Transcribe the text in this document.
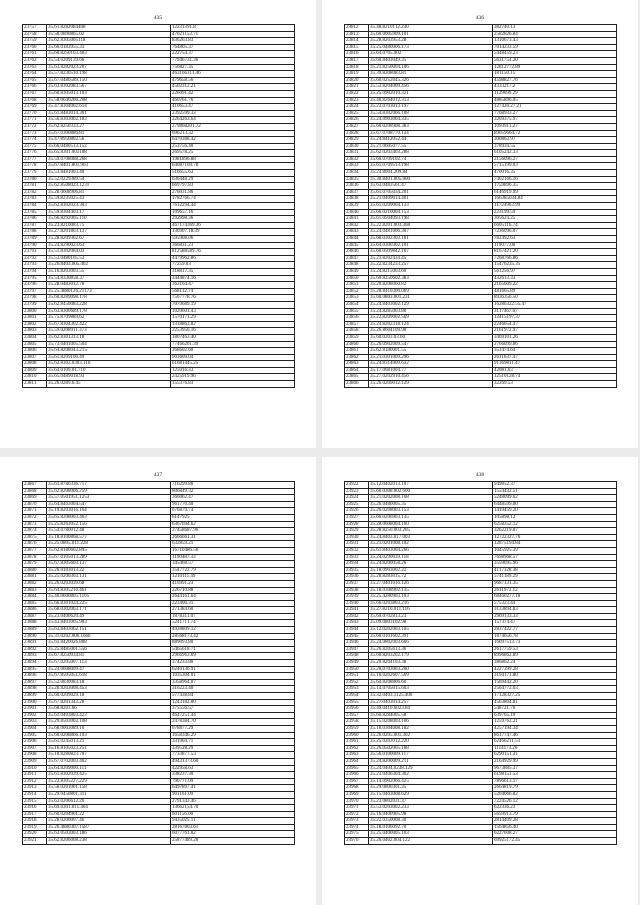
435
23757	35.61.8282084408	12231391.8
23758	35.58.0890865.02	47021153.71
23759	35.62.8305005118	836263.83
23760	35.66.0183955.33	764805.37
23761	35.60.8250103.403	222754.37
23762	35.54.0209139.66	77946731.36
23763	35.63.8282023.207	756827.35
23764	35.57.8230510.198	463166311.46
23765	35.67.0480589.150	479658.56
23766	35.63.8302083.567	4502312.21
23767	35.60.8305013.103	226091.42
23768	35.58.0640200.208	460761.76
23769	35.47.8304002.614	410653.47
23770	35.61.8483014.301	2392599.33
23771	35.56.8303002.183	2264263.64
23772	35.62.8250333.27	279868201.72
23773	35.67.0300886.81	696213.32
23774	35.47.8950802.56	6470388.42
23775	35.66.0480513.152	253756.40
23776	35.65.8301.003108	269578.25
23777	35.59.0708088.268	1981896.88
23778	35.67.8401.801.903	64087169.78
23779	35.53.8481003.40	516655.63
23780	35.52.0229389.54	636448.29
23781	35.62.8508023.1231	669797.83
23782	35.28.0608906.81	276031.86
23783	35.59.8235025.43	1782766.74
23784	35.62.8302023.303	7612294.44
23785	35.59.8304403.17	109657.16
23786	35.66.8292005.110	292998.36
23787	35.23.8210083.75	467174369.36
23788	35.27.8201803.137	136907.18.39
23789	35.28.8209302.67	595908.06
23790	35.24.8290023.63	366831.23
23791	35.51.8302084.03	812588589.76
23792	35.53.0480105.53	4479962.86
23793	35.26.8403.005.402	77259.03
23794	35.16.8203003.55	318817.35
23795	35.54.8330858.37	3444874.16
23796	35.28.0483012.78	363164.47
23797	35.25.4880126.21173	568112.74
23798	35.60.8289098.178	7567778.76
23799	35.62.8450083.228	7079689.19
23800	35.63.8300689.178	1020601.43
23801	35.75.8709889.62	1570171.29
23802	35.67.8304302.422	1318863.82
23803	35.59.0208911.373	2253956.16
23804	35.62.8301313.18	1807463.40
23805	35.73.0401005.504	77466201.39
23806	35.64.8208043.215	368602.60
23807	35.61.8209100.49	903609.04
23808	35.62.8302.0303.110	61681445.25
23809	35.64.0109.01.710	125016.33
23810	35.65.0489018.93	2425919.96
23811	35.26.0289.6.45	155376.83
436
23812	35.48.8210112.230	382740.13
23813	35.60.0005909.101	2582826.84
23814	35.28.8203953.28	1310673.43
23815	35.25.0480006.173	7014233.59
23816	35.64.0705.002	5448459.23
23817	35.60.8403049.35	5631754.20
23818	35.21.8250004.106	12812772.89
23819	35.39.8308083.81	181150.15
23820	35.60.0252045.326	4598827.76
23821	35.53.8204009.456	4333217.2
23822	35.25.0902010.321	1129699.29
23823	35.46.8264012.313	4885896.05
23824	35.23.0703013.197	127420.27.21
23825	35.54.8302066.108	7768933.27
23826	35.24.0903004.335	3269375.97
23827	35.60.0208908.383	1093911.27
23828	35.67.0708770.134	89059664.72
23829	35.24.8412052.44	300863.97
23830	35.21.0605077.55	378934.55
23831	35.62.0203403.288	6105242.33
23832	35.60.0709102.74	2156096.27
23833	35.61.0709513.198	5715199.03
23834	35.24.8004.209.84	470016.35
23835	35.30.8401.005.800	7462166.16
23836	35.63.0483561.47	1759896.35
23837	35.61.0705034.201	6146919.99
23838	35.21.0409014.401	166385034.84
23839	35.61.0209004.133	11724963.99
23840	35.66.0210004.153	223199.59
23841	35.61.0504093.198	305624.25
23842	35.22.8201.003.368	6605116.74
23843	35.24.0481006.307	7236096.07
23844	35.68.0302303.181	782492.63
23845	35.64.0300302.101	119077.08
23846	35.60.0509842.167	8167421.20
23847	35.23.8202434.45	7268766.86
23848	35.22.8234233.257	15476235.35
23849	35.24.8215003.60	561256.97
23850	35.60.8250602.383	432613.33
23851	35.20.8208060.82	2165609.22
23852	35.28.8410300.069	481665.89
23853	35.60.0803.001.231	8936356.50
23854	35.24.8403002.129	16286322.55.47
23855	35.24.8285003.80	3117467.67
23856	35.22.8209002.569	12415197.37
23857	35.24.8202318.124	2246654.47
23858	35.26.8604109.98	2161972.97
23859	35.60.0203.03.60	3469101.26
23860	35.26.0902009.547	2766099.86
23861	35.62.8180001.55	353474.64
23862	35.21.0301009.296	2611637.47
23863	35.24.8314009.632	91369811.47
23864	35.17.0681004.77	42081.63
23865	35.27.0202910.456	12510128.74
23866	35.26.0209012.129	32269.53
437
23867	35.61.8780336.717	716299.80
23868	35.62.8208006.259	806849.32
23869	35.57.0501951.1253	366062.47
23870	35.64.8403004.547	961770.40
23871	35.19.8203016.164	676879.74
23872	35.65.8208003.463	6147925
23873	35.25.8263052.156	6367694.62
23874	35.54.0780012.48	37458687.96
23875	35.18.8100868.577	2666661.31
23876	35.25.0805.011.228	632859.21
23877	35.62.8180602.895	16710486.56
23878	35.67.0105013.289	1190487.33
23879	35.67.8305603.137	345468.57
23880	35.26.0183013.22	3547722.79
23881	35.25.0200303.131	1210111.49
23882	35.26.0203039.68	416991.23
23883	35.64.8305210.461	226710.88
23884	35.46.0600805.1105	2644161.64
23885	35.66.8301024.225	223400.31
23886	35.68.0302063.171	271384.60
23887	35.23.0400620.49	1878311.07
23888	35.43.8403005.903	5241711.74
23889	35.63.8403062.151	4928809.12
23890	35.31.0202.006.1666	28568173.42
23891	35.61.8420026.808	889093.80
23892	35.25.8485001.556	5465618.71
23893	35.67.8250934.81	2966963.69
23894	35.67.0205007.113	374233.80
23895	35.24.0608009.47	6240136.91
23896	35.67.8505051.618	1035304.01
23897	35.52.0830083.18	3358964.07
23898	35.28.8203008.453	316223.40
23899	35.60.0209029.18	577438.84
23900	35.67.8201343.28	1243182.80
23901	35.68.8203.66	375556.57
23902	35.61.0403803.423	4647251.44
23903	35.29.8503003.108	2478384.70
23904	35.68.0003089.10	678877.29
23905	35.60.0208866.103	1658346.29
23906	35.61.0245013.21	331904.71
23907	35.16.8105023.251	339528.29
23908	35.18.8280823.707	7733877.53
23909	35.67.0702003.402	49431373.60
23910	35.64.8209000.111	422958.63
23911	35.61.8302039.425	338237.30
23912	35.22.8305227.229	790771.09
23913	35.58.0201001.158	6497897.41
23914	35.29.0450801.311	901161.09
23915	35.63.0206612.26	2791343.46
23916	35.69.0301.011.404	13662154.70
23917	35.60.0204901.22	601156.00
23918	35.28.0200007.46	9435025.11
23919	35.26.4880307.1587	28167803.61
23920	35.63.0503003.186	6077761.82
23921	35.62.8206008.238	25877489.28
438
23922	35.12.0402013.107	949852.37
23923	35.60.0308.002.600	1554432.51
23924	35.21.0202008.168	5248099.62
23925	35.26.0480005.35	6448599.00
23926	35.26.0208003.153	1419459.20
23927	35.60.0206903.135	105898.12
23928	35.28.0608004.160	6258352.12
23929	35.28.8250.003.205	3262219.87
23930	35.24.8403.017.003	12722327.76
23931	35.21.0201008.102	12875194.84
23932	35.61.8403004.266	1045925.39
23933	35.24.0290039.118	7698968.57
23934	35.24.8200058.26	3559695.96
23935	35.18.0903002.22	4117328.38
23936	35.28.8283015.72	5741189.29
23937	35.27.0401016.126	9687131.35
23938	35.18.0308902.135	2611972.12
23939	35.25.4280903.103	68460277.18
23940	35.66.0203803.216	575323.44
23941	35.27.8210.011.116	3133894.83
23942	35.60.0702813.23	2969133.33
23943	35.09.0803102.98	157374.47
23944	35.12.0202003.105	2837422.77
23945	35.60.0101602.391	1874656.78
23946	35.24.0802003.666	16097513.73
23947	35.26.8205613.36	2617759.53
23948	35.60.8203202.179	8996862.89
23949	35.20.8204103.38	386862.24
23950	35.20.0703003.200	4227399.28
23951	35.16.0202607.569	3194171.80
23952	35.64.8208806.60	1569442.20
23953	35.14.0705015.603	2564772.03
23954	35.32.0403.1125.400	17128327.25
23955	35.27.0403014.257	4563804.81
23956	35.49.0410.6023.84	548721.76
23957	35.60.8284005.58	639765.19
23958	35.15.0208003.106	1259762.21
23959	35.18.0304008.182	4257194.34
23960	35.26.0205.001.302	8617747.46
23961	35.25.0203012.220	62466211.53
23962	35.26.0502005.188	1114173.26
23963	35.56.0100009.117	6290151.31
23964	35.24.8200009.211	2164929.99
23965	35.24.0404.0238.129	9673885.37
23966	35.23.0406304.302	6198151.53
23967	35.14.0902066.425	7896613.17
23968	35.29.0800301.35	2664819.79
23969	35.15.0403008.629	5204066.82
23970	35.23.0802031.37	7224526.12
23971	35.53.0203002.233	622336.23
23972	35.16.0400905.98	5659913.79
23973	35.22.0350008.30	2814409.28
23974	35.18.0106092.70	1564856.40
23975	35.25.0400005.103	6227608.27
23976	35.26.0402.004.122	69925172.45
